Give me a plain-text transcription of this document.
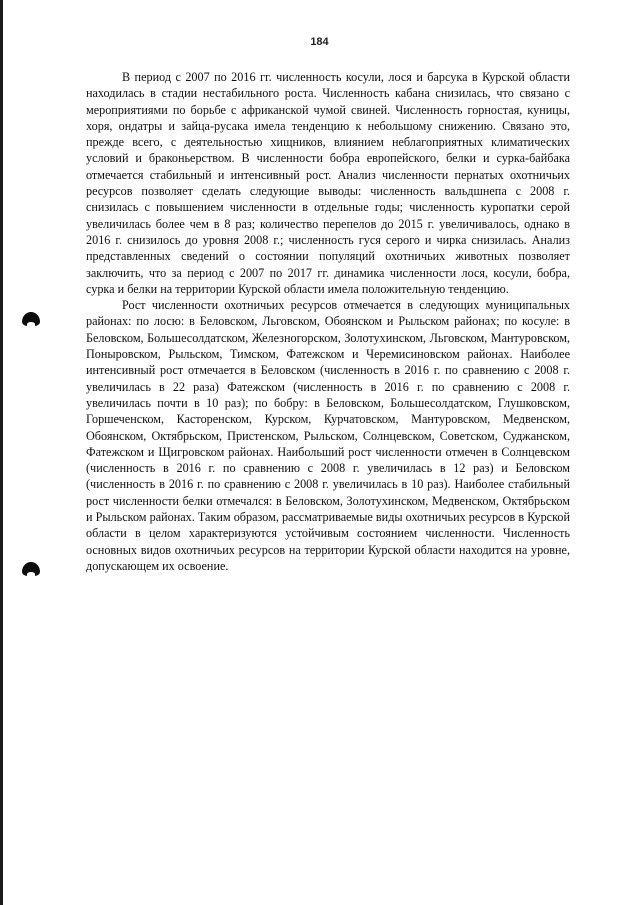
184

В период с 2007 по 2016 гг. численность косули, лося и барсука в Курской области находилась в стадии нестабильного роста. Численность кабана снизилась, что связано с мероприятиями по борьбе с африканской чумой свиней. Численность горностая, куницы, хоря, ондатры и зайца-русака имела тенденцию к небольшому снижению. Связано это, прежде всего, с деятельностью хищников, влиянием неблагоприятных климатических условий и браконьерством. В численности бобра европейского, белки и сурка-байбака отмечается стабильный и интенсивный рост. Анализ численности пернатых охотничьих ресурсов позволяет сделать следующие выводы: численность вальдшнепа с 2008 г. снизилась с повышением численности в отдельные годы; численность куропатки серой увеличилась более чем в 8 раз; количество перепелов до 2015 г. увеличивалось, однако в 2016 г. снизилось до уровня 2008 г.; численность гуся серого и чирка снизилась. Анализ представленных сведений о состоянии популяций охотничьих животных позволяет заключить, что за период с 2007 по 2017 гг. динамика численности лося, косули, бобра, сурка и белки на территории Курской области имела положительную тенденцию.

Рост численности охотничьих ресурсов отмечается в следующих муниципальных районах: по лосю: в Беловском, Льговском, Обоянском и Рыльском районах; по косуле: в Беловском, Большесолдатском, Железногорском, Золотухинском, Льговском, Мантуровском, Поныровском, Рыльском, Тимском, Фатежском и Черемисиновском районах. Наиболее интенсивный рост отмечается в Беловском (численность в 2016 г. по сравнению с 2008 г. увеличилась в 22 раза) Фатежском (численность в 2016 г. по сравнению с 2008 г. увеличилась почти в 10 раз); по бобру: в Беловском, Большесолдатском, Глушковском, Горшеченском, Касторенском, Курском, Курчатовском, Мантуровском, Медвенском, Обоянском, Октябрьском, Пристенском, Рыльском, Солнцевском, Советском, Суджанском, Фатежском и Щигровском районах. Наибольший рост численности отмечен в Солнцевском (численность в 2016 г. по сравнению с 2008 г. увеличилась в 12 раз) и Беловском (численность в 2016 г. по сравнению с 2008 г. увеличилась в 10 раз). Наиболее стабильный рост численности белки отмечался: в Беловском, Золотухинском, Медвенском, Октябрьском и Рыльском районах. Таким образом, рассматриваемые виды охотничьих ресурсов в Курской области в целом характеризуются устойчивым состоянием численности. Численность основных видов охотничьих ресурсов на территории Курской области находится на уровне, допускающем их освоение.
